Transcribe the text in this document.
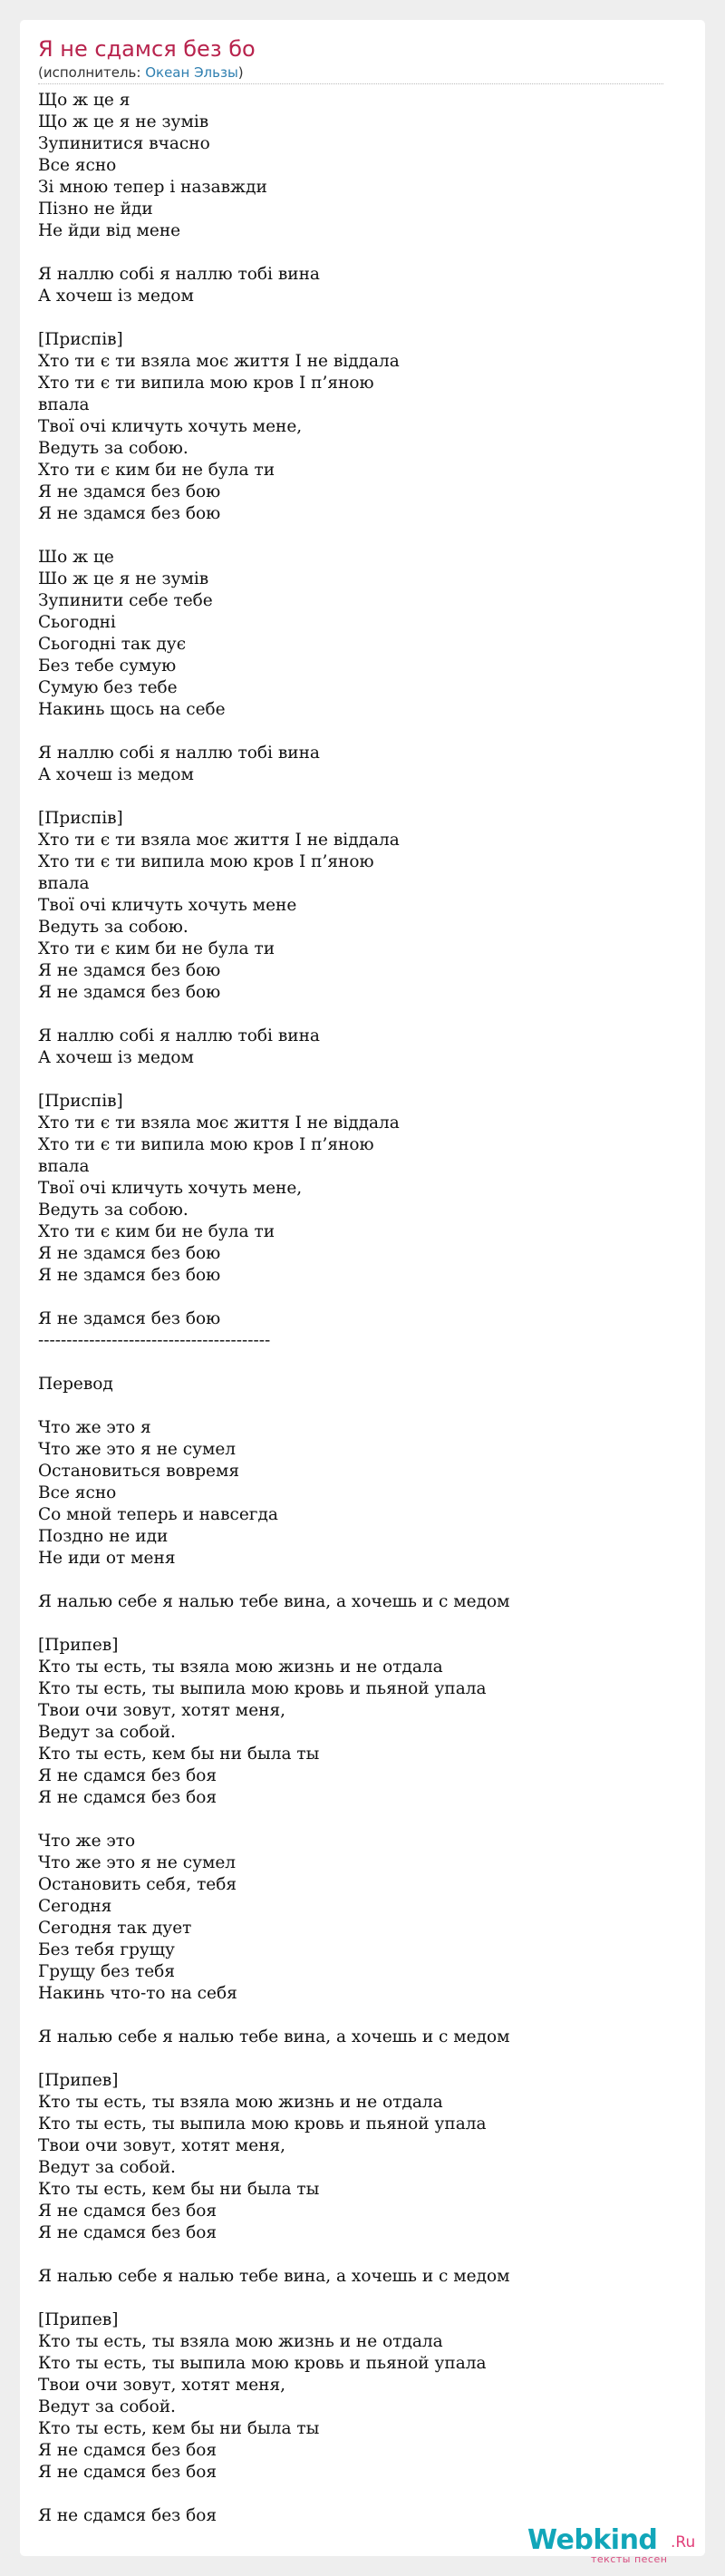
Я не сдамся без бо
(исполнитель: Океан Эльзы)
Що ж це я
Що ж це я не зумів
Зупинитися вчасно
Все ясно
Зі мною тепер і назавжди
Пізно не йди
Не йди від мене

Я наллю собі я наллю тобі вина
А хочеш із медом

[Приспів]
Хто ти є ти взяла моє життя І не віддала
Хто ти є ти випила мою кров І п’яною
впала
Твої очі кличуть хочуть мене,
Ведуть за собою.
Хто ти є ким би не була ти
Я не здамся без бою
Я не здамся без бою

Шо ж це
Шо ж це я не зумів
Зупинити себе тебе
Сьогодні
Сьогодні так дує
Без тебе сумую
Сумую без тебе
Накинь щось на себе

Я наллю собі я наллю тобі вина
А хочеш із медом

[Приспів]
Хто ти є ти взяла моє життя І не віддала
Хто ти є ти випила мою кров І п’яною
впала
Твої очі кличуть хочуть мене
Ведуть за собою.
Хто ти є ким би не була ти
Я не здамся без бою
Я не здамся без бою

Я наллю собі я наллю тобі вина
А хочеш із медом

[Приспів]
Хто ти є ти взяла моє життя І не віддала
Хто ти є ти випила мою кров І п’яною
впала
Твої очі кличуть хочуть мене,
Ведуть за собою.
Хто ти є ким би не була ти
Я не здамся без бою
Я не здамся без бою

Я не здамся без бою
-----------------------------------------

Перевод

Что же это я
Что же это я не сумел
Остановиться вовремя
Все ясно
Со мной теперь и навсегда
Поздно не иди
Не иди от меня

Я налью себе я налью тебе вина, а хочешь и с медом

[Припев]
Кто ты есть, ты взяла мою жизнь и не отдала
Кто ты есть, ты выпила мою кровь и пьяной упала
Твои очи зовут, хотят меня,
Ведут за собой.
Кто ты есть, кем бы ни была ты
Я не сдамся без боя
Я не сдамся без боя

Что же это
Что же это я не сумел
Остановить себя, тебя
Сегодня
Сегодня так дует
Без тебя грущу
Грущу без тебя
Накинь что-то на себя

Я налью себе я налью тебе вина, а хочешь и с медом

[Припев]
Кто ты есть, ты взяла мою жизнь и не отдала
Кто ты есть, ты выпила мою кровь и пьяной упала
Твои очи зовут, хотят меня,
Ведут за собой.
Кто ты есть, кем бы ни была ты
Я не сдамся без боя
Я не сдамся без боя

Я налью себе я налью тебе вина, а хочешь и с медом

[Припев]
Кто ты есть, ты взяла мою жизнь и не отдала
Кто ты есть, ты выпила мою кровь и пьяной упала
Твои очи зовут, хотят меня,
Ведут за собой.
Кто ты есть, кем бы ни была ты
Я не сдамся без боя
Я не сдамся без боя

Я не сдамся без боя
Webkind .Ru
тексты песен
